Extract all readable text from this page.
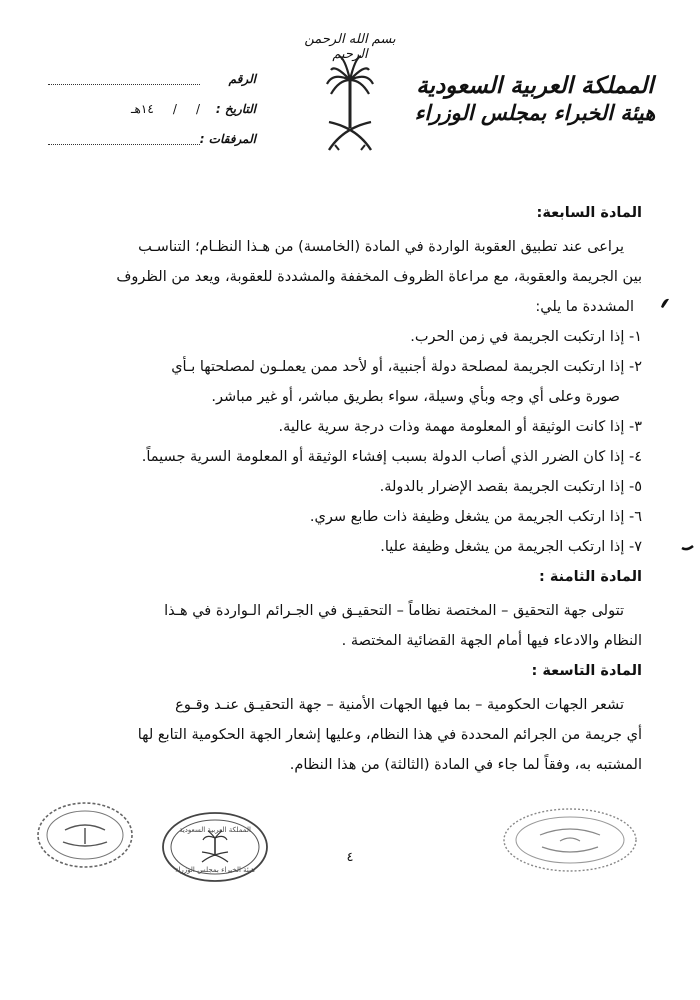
بسم الله الرحمن الرحيم
المملكة العربية السعودية
هيئة الخبراء بمجلس الوزراء
الرقم
التاريخ :
/     /     ١٤هـ
المرفقات :
المادة السابعة:
يراعى عند تطبيق العقوبة الواردة في المادة (الخامسة) من هـذا النظـام؛ التناسـب
بين الجريمة والعقوبة، مع مراعاة الظروف المخففة والمشددة للعقوبة، ويعد من الظروف
المشددة ما يلي:
١- إذا ارتكبت الجريمة في زمن الحرب.
٢- إذا ارتكبت الجريمة لمصلحة دولة أجنبية، أو لأحد ممن يعملـون لمصلحتها بـأي
صورة وعلى أي وجه وبأي وسيلة، سواء بطريق مباشر، أو غير مباشر.
٣- إذا كانت الوثيقة أو المعلومة مهمة وذات درجة سرية عالية.
٤- إذا كان الضرر الذي أصاب الدولة بسبب إفشاء الوثيقة أو المعلومة السرية جسيماً.
٥- إذا ارتكبت الجريمة بقصد الإضرار بالدولة.
٦- إذا ارتكب الجريمة من يشغل وظيفة ذات طابع سري.
٧- إذا ارتكب الجريمة من يشغل وظيفة عليا.
المادة الثامنة :
تتولى جهة التحقيق – المختصة نظاماً – التحقيـق في الجـرائم الـواردة في هـذا
النظام والادعاء فيها أمام الجهة القضائية المختصة .
المادة التاسعة :
تشعر الجهات الحكومية – بما فيها الجهات الأمنية – جهة التحقيـق عنـد وقـوع
أي جريمة من الجرائم المحددة في هذا النظام، وعليها إشعار الجهة الحكومية التابع لها
المشتبه به، وفقاً لما جاء في المادة (الثالثة) من هذا النظام.
المملكة العربية السعودية
هيئة الخبراء بمجلس الوزراء
٤
